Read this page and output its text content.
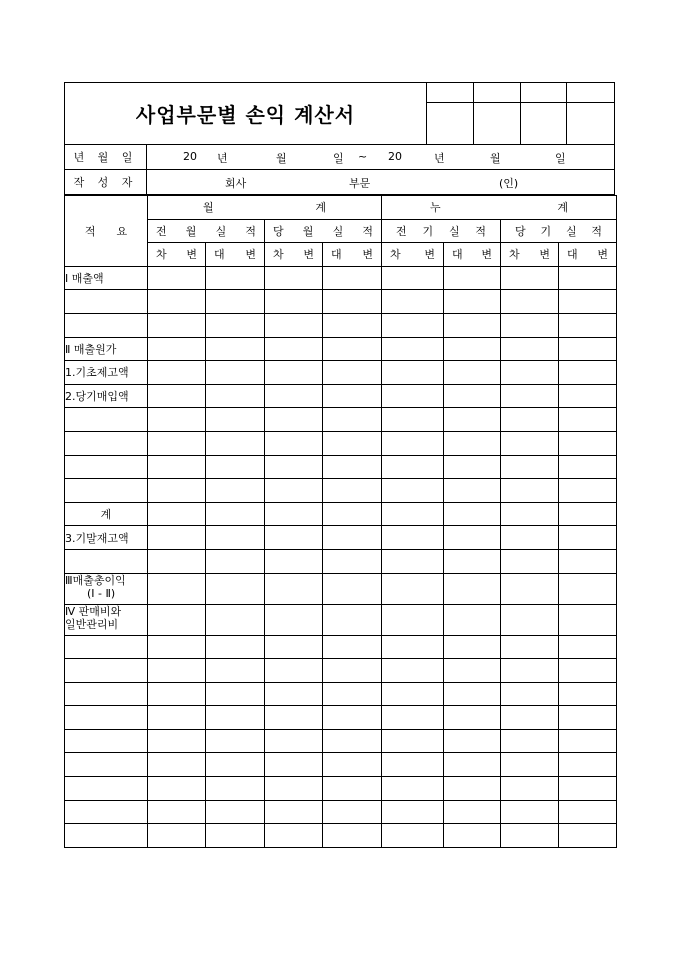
사업부문별 손익 계산서
년 월 일	20 년	월	일 ~ 20	년	월	일
작 성 자	회사	부문	(인)
적      요	월 계				누 계			

	전 월 실 적		당 월 실 적		전 기 실 적		당 기 실 적	

	차 변	대 변	차 변	대 변	차 변	대 변	차 변	대 변

Ⅰ 매출액								

Ⅱ 매출원가								
1.기초제고액								
2.당기매입액								

계								
3.기말재고액								

Ⅲ매출총이익
(Ⅰ - Ⅱ)								

Ⅳ 판매비와
일반관리비								
